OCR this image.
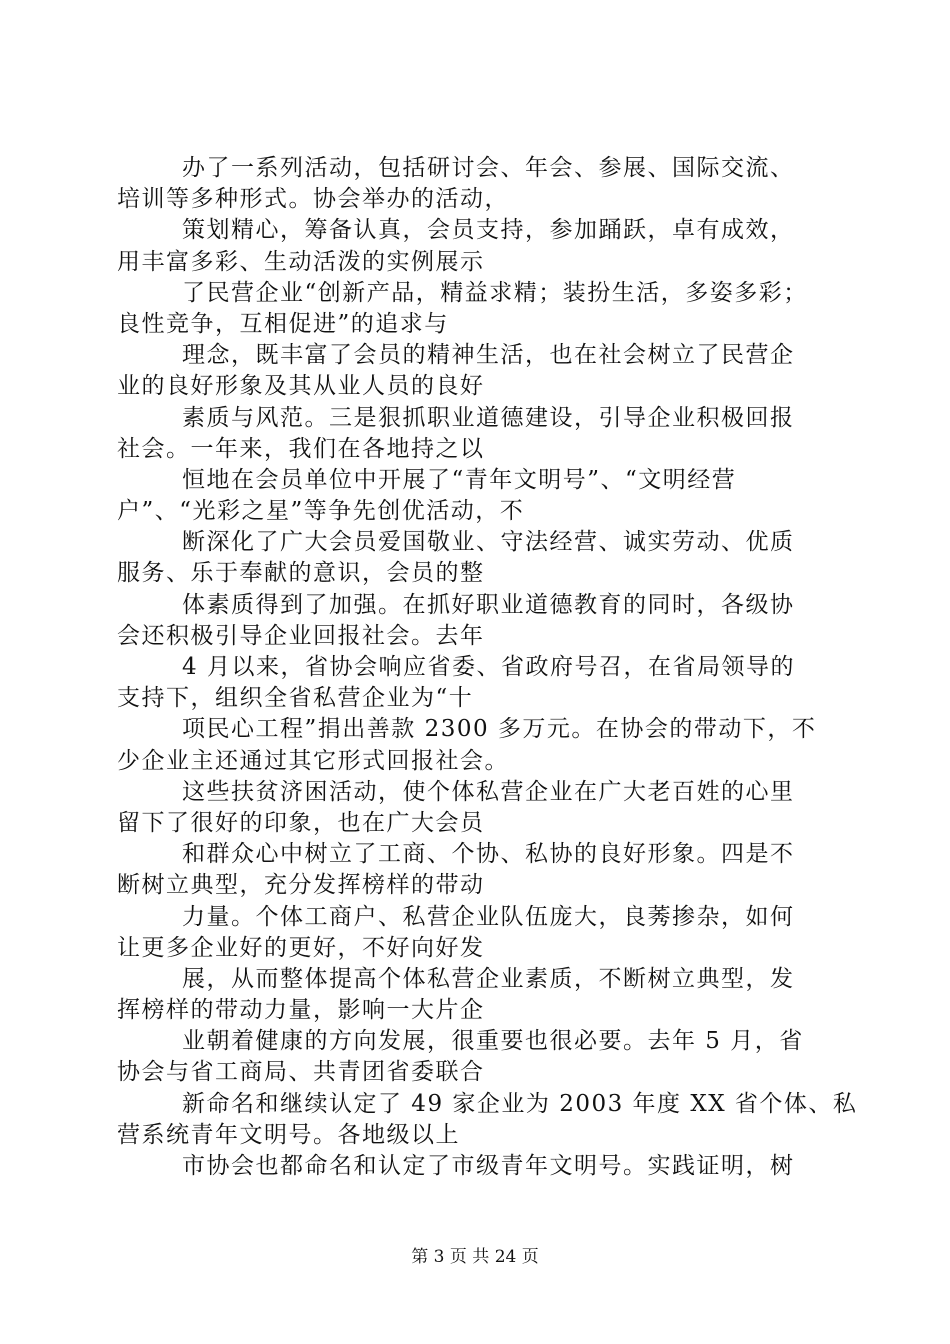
办了一系列活动，包括研讨会、年会、参展、国际交流、
培训等多种形式。协会举办的活动，
策划精心，筹备认真，会员支持，参加踊跃，卓有成效，
用丰富多彩、生动活泼的实例展示
了民营企业“创新产品，精益求精；装扮生活，多姿多彩；
良性竞争，互相促进”的追求与
理念，既丰富了会员的精神生活，也在社会树立了民营企
业的良好形象及其从业人员的良好
素质与风范。三是狠抓职业道德建设，引导企业积极回报
社会。一年来，我们在各地持之以
恒地在会员单位中开展了“青年文明号”、“文明经营
户”、“光彩之星”等争先创优活动，不
断深化了广大会员爱国敬业、守法经营、诚实劳动、优质
服务、乐于奉献的意识，会员的整
体素质得到了加强。在抓好职业道德教育的同时，各级协
会还积极引导企业回报社会。去年
4 月以来，省协会响应省委、省政府号召，在省局领导的
支持下，组织全省私营企业为“十
项民心工程”捐出善款 2300 多万元。在协会的带动下，不
少企业主还通过其它形式回报社会。
这些扶贫济困活动，使个体私营企业在广大老百姓的心里
留下了很好的印象，也在广大会员
和群众心中树立了工商、个协、私协的良好形象。四是不
断树立典型，充分发挥榜样的带动
力量。个体工商户、私营企业队伍庞大，良莠掺杂，如何
让更多企业好的更好，不好向好发
展，从而整体提高个体私营企业素质，不断树立典型，发
挥榜样的带动力量，影响一大片企
业朝着健康的方向发展，很重要也很必要。去年 5 月，省
协会与省工商局、共青团省委联合
新命名和继续认定了 49 家企业为 2003 年度 XX 省个体、私
营系统青年文明号。各地级以上
市协会也都命名和认定了市级青年文明号。实践证明，树
第 3 页 共 24 页
